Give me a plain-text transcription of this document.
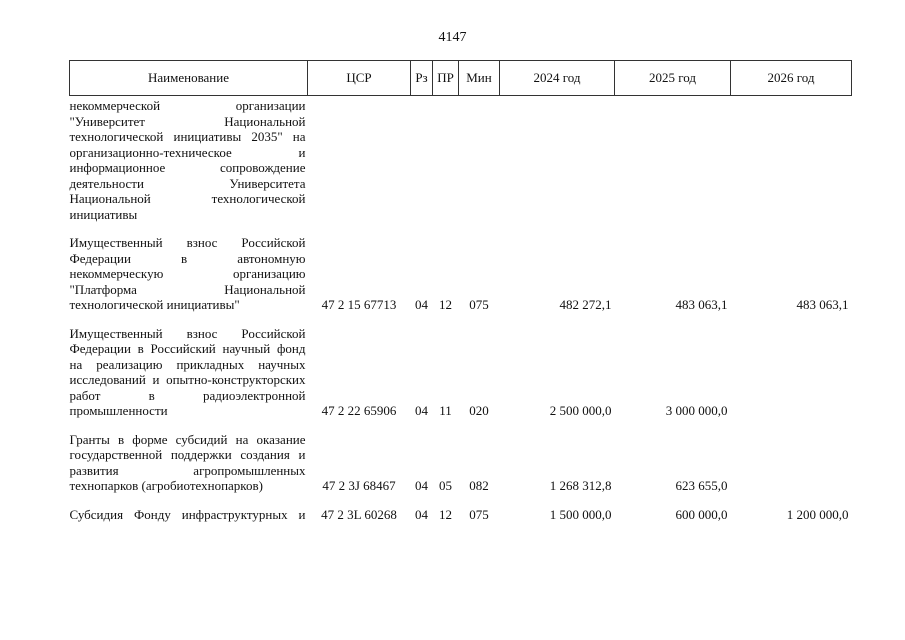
4147
Наименование	ЦСР	Рз	ПР	Мин	2024 год	2025 год	2026 год
некоммерческой организации "Университет Национальной технологической инициативы 2035" на организационно-техническое и информационное сопровождение деятельности Университета Национальной технологической инициативы							
Имущественный взнос Российской Федерации в автономную некоммерческую организацию "Платформа Национальной технологической инициативы"	47 2 15 67713	04	12	075	482 272,1	483 063,1	483 063,1
Имущественный взнос Российской Федерации в Российский научный фонд на реализацию прикладных научных исследований и опытно-конструкторских работ в радиоэлектронной промышленности	47 2 22 65906	04	11	020	2 500 000,0	3 000 000,0	
Гранты в форме субсидий на оказание государственной поддержки создания и развития агропромышленных технопарков (агробиотехнопарков)	47 2 3J 68467	04	05	082	1 268 312,8	623 655,0	
Субсидия Фонду инфраструктурных и	47 2 3L 60268	04	12	075	1 500 000,0	600 000,0	1 200 000,0
